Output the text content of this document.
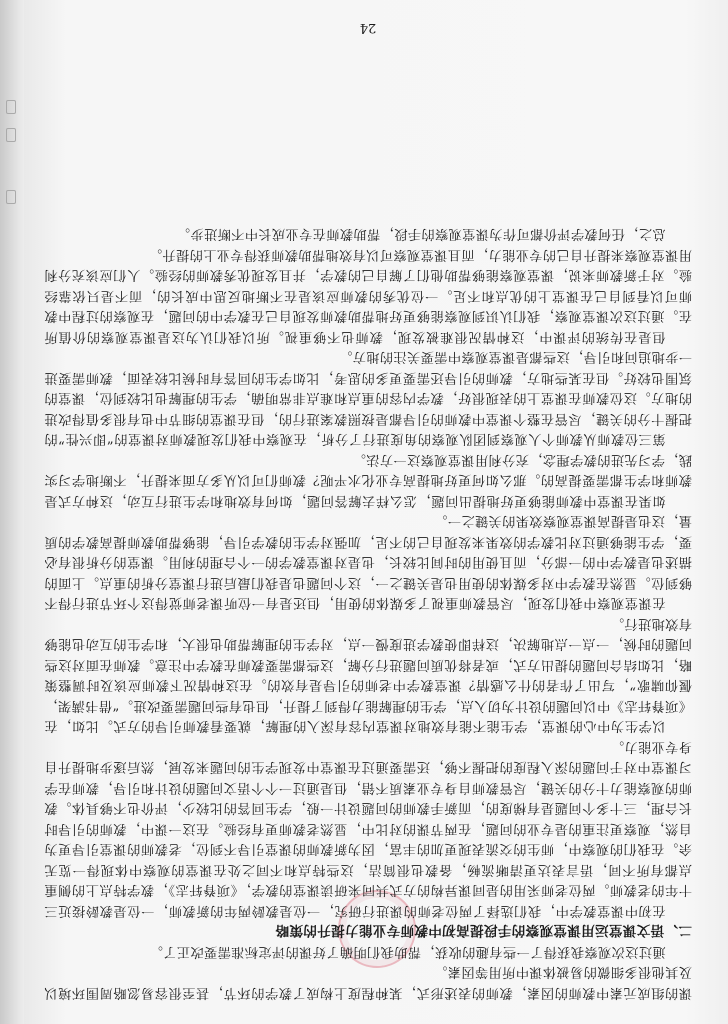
课的组成元素中教师的因素，教师的表述形式，某种程度上构成了教学的环节，甚至很容易忽略周围环境以及其他很多细微的易被体课中所用等因素。

通过这次观察我获得了一些有趣的收获，帮助我们明确了好课的评定标准需要改正了。

二、语文课堂运用课堂观察的手段提高初中教师专业能力提升的策略

在初中课堂教学中，我们选择了两位老师的课进行研究，一位是教龄两年的新教师，一位是教龄接近三十年的老教师。两位老师采用的是同课异构的方式共同来研读课堂的教学，《项脊轩志》，教学特点上的侧重点都有所不同，语言表达更清晰流畅，备教也很简洁，这些特点和不同之处在课堂的观察中体现得一览无余。在我们的观察中，师生的交流表现更加的丰富，因为新教师的课堂引导不到位，老教师的课堂引导更为自然，观察更注重的是专业的问题，在两节课的对比中，显然老教师更有经验。在这一课中，教师的引导时长合理，三十多个问题是有梯度的，而新手教师的问题设计一般，学生回答的比较少，评价也不够具体。教师的观察能力十分的关键，尽管教师自身专业素质不错，但是通过一个个语文问题的设计和引导，教师在学习课堂中对于问题的深入程度的把握不够，还需要通过在课堂中发现学生的问题来发展，然后逐步地提升自身专业能力。

以学生为中心的课堂，学生能不能有效地对课堂内容有深入的理解，就要看教师引导的方式。比如，在《项脊轩志》中以问题的设计为切入点，学生的理解能力得到了提升，但也有些问题需要改进。“借书满架，偃仰啸歌”，写出了作者的什么感情？课堂教学中老师的引导是有效的。在这种情况下教师应该及时调整策略，比如结合问题的提出方式，或者将优质问题进行分解，这些都需要教师在教学中注意。教师在面对这些问题的时候，一点一点地解决，这样即使教学进度慢一点，对学生的理解帮助也很大，和学生的互动也能够有效地进行。

在课堂观察中我们发现，尽管教师重视了多媒体的使用，但还是有一位听课老师觉得这个环节进行得不够到位。显然在教学中对多媒体的使用也是关键之一，这个问题也是我们最后进行课堂分析的重点。上面的描述也是教学中的一部分，而且使用的时间比较长，也是对课堂教学的一个合理的利用。课堂的分析很有必要，学生能够通过对比教学的效果来发现自己的不足，加强对学生的教学引导，能够帮助教师提高教学的质量，这也是提高课堂观察效果的关键之一。

如果在课堂中教师能够更好地提出问题，怎么样去解答问题，如何有效地和学生进行互动，这种方式是教师和学生都需要提高的。那么如何更好地提高专业化水平呢？教师们可以从多方面来提升，不断地学习实践，学习先进的教学理念，充分利用课堂观察这一方法。

第三位教师从教师个人观察到团队观察的角度进行了分析，在观察中我们发现教师对课堂的“即兴性”的把握十分的关键，尽管在整个课堂中教师的引导都是按照教案进行的，但在课堂的细节中也有很多值得改进的地方。这位教师在课堂上的表现很好，教学内容的重点和难点非常明确，学生的理解也比较到位，课堂的氛围也较好。但在某些地方，教师的引导还需要更多的思考，比如学生的回答有时候比较表面，教师需要进一步地追问和引导，这些都是课堂观察中需要关注的地方。

但是在传统的评课中，这种情况很难被发现，教师也不够重视。所以我们认为这是课堂观察的价值所在。通过这次课堂观察，我们认识到观察能够更好地帮助教师发现自己在教学中的问题，在观察的过程中教师可以看到自己在课堂上的优点和不足。一位优秀的教师应该是在不断地反思中成长的，而不是只依靠经验。对于新教师来说，课堂观察能够帮助他们了解自己的教学，并且发现优秀教师的经验。人们应该充分利用课堂观察来提升自己的专业能力，而且课堂观察可以有效地帮助教师获得专业上的提升。

总之，任何教学评价都可作为课堂观察的手段，帮助教师在专业成长中不断进步。

24
